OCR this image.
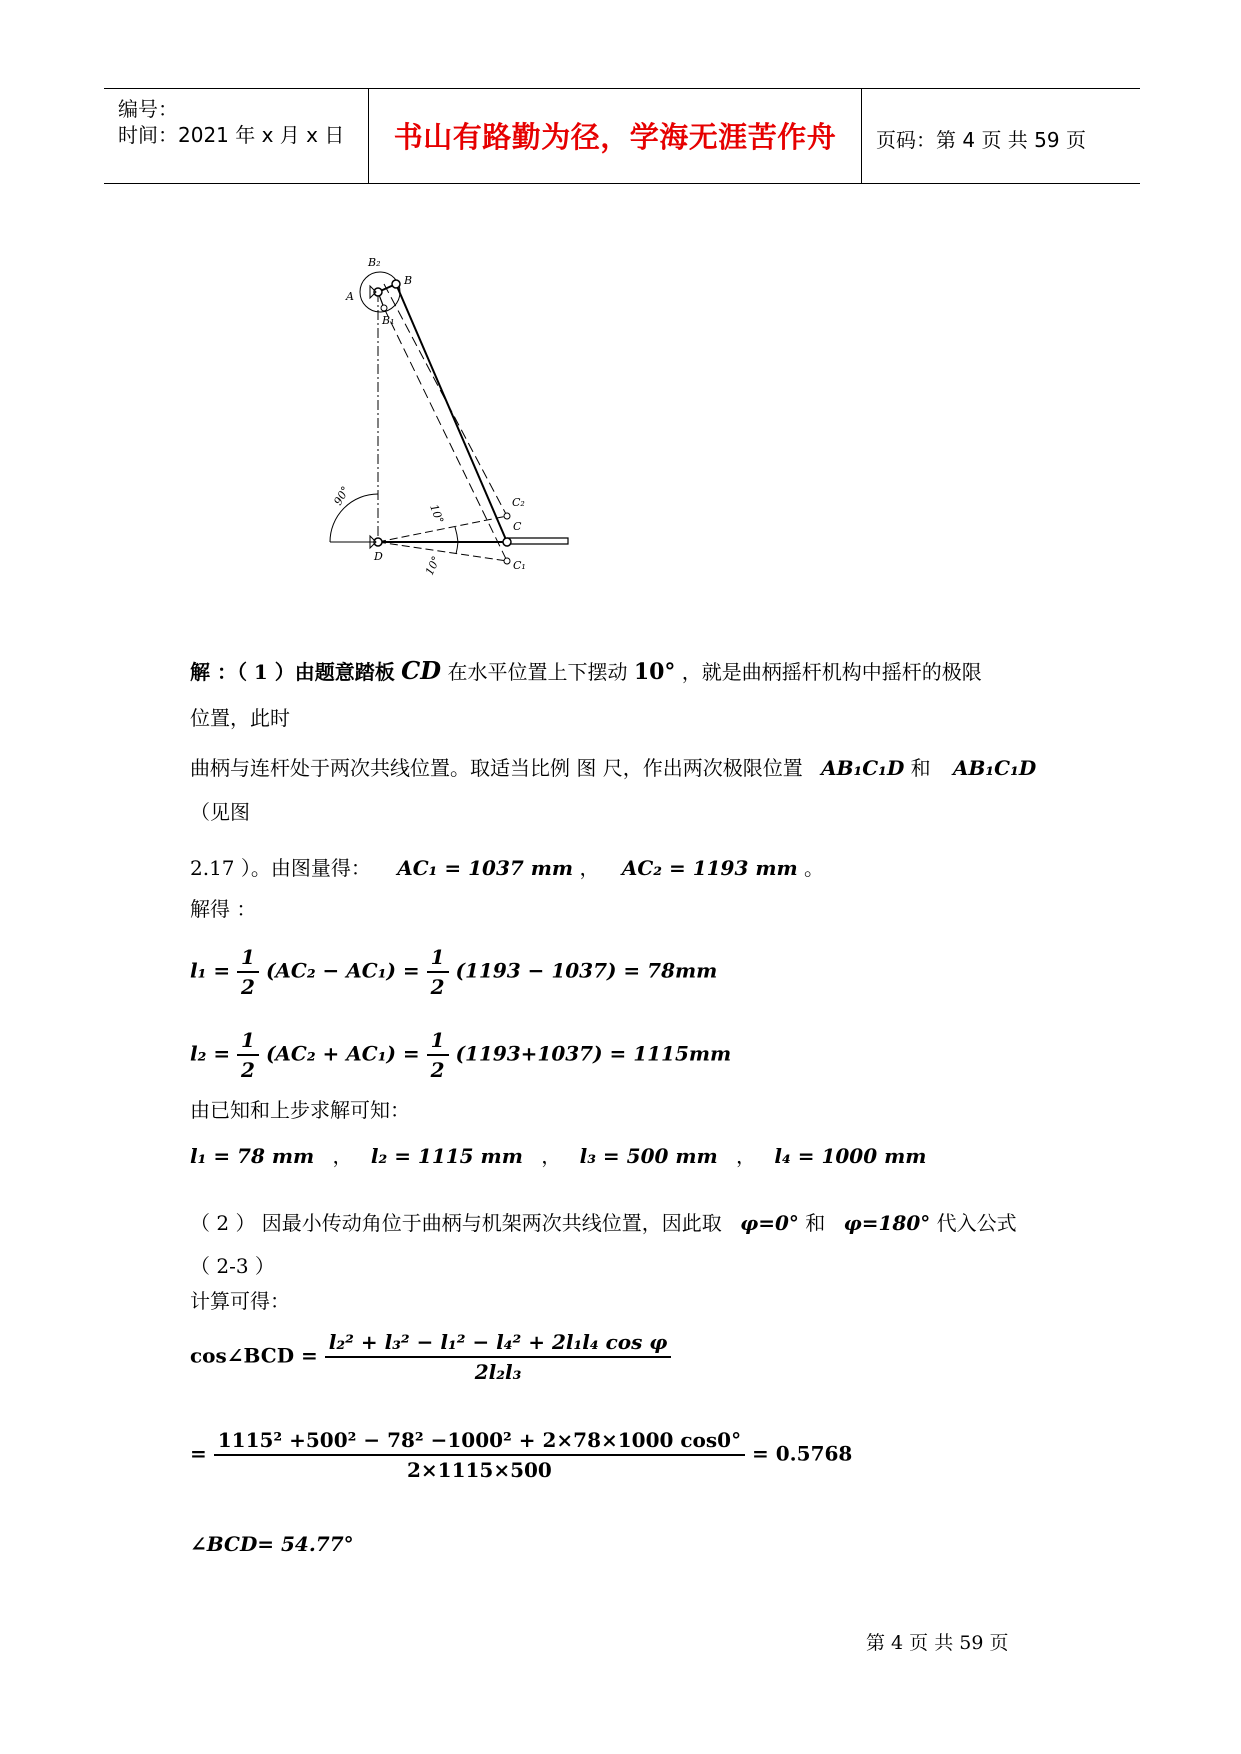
编号：
时间：2021 年 x 月 x 日	书山有路勤为径，学海无涯苦作舟	页码：第 4 页 共 59 页
B₂
B
A
B₁
C₂
C
C₁
D
90°
10°
10°
解 ：（ 1 ）由题意踏板 CD 在水平位置上下摆动 10° ，就是曲柄摇杆机构中摇杆的极限
位置，此时
曲柄与连杆处于两次共线位置。取适当比例 图 尺，作出两次极限位置 AB₁C₁D 和 AB₁C₁D
（见图
2.17 ）。由图量得： AC₁ = 1037 mm ， AC₂ = 1193 mm 。
解得 ：
$l_1 = \frac{1}{2} (AC_2 - AC_1) = \frac{1}{2} (1193 - 1037) = 78mm$
$l_2 = \frac{1}{2} (AC_2 + AC_1) = \frac{1}{2} (1193+1037) = 1115mm$
由已知和上步求解可知：
l₁ = 78 mm ， l₂ = 1115 mm ， l₃ = 500 mm ， l₄ = 1000 mm
（ 2 ） 因最小传动角位于曲柄与机架两次共线位置，因此取 φ=0° 和 φ=180° 代入公式
（ 2-3 ）
计算可得：
cos∠BCD = $\frac{\text{l₂² + l₃² − l₁² − l₄² + 2l₁l₄ cos φ}}{\text{2l₂l₃}}$
= $\frac{\text{1115² +500² − 78² −1000² + 2×78×1000 cos0°}}{2\times 1115\times 500} = 0.5768$
∠BCD= 54.77°
第 4 页 共 59 页
